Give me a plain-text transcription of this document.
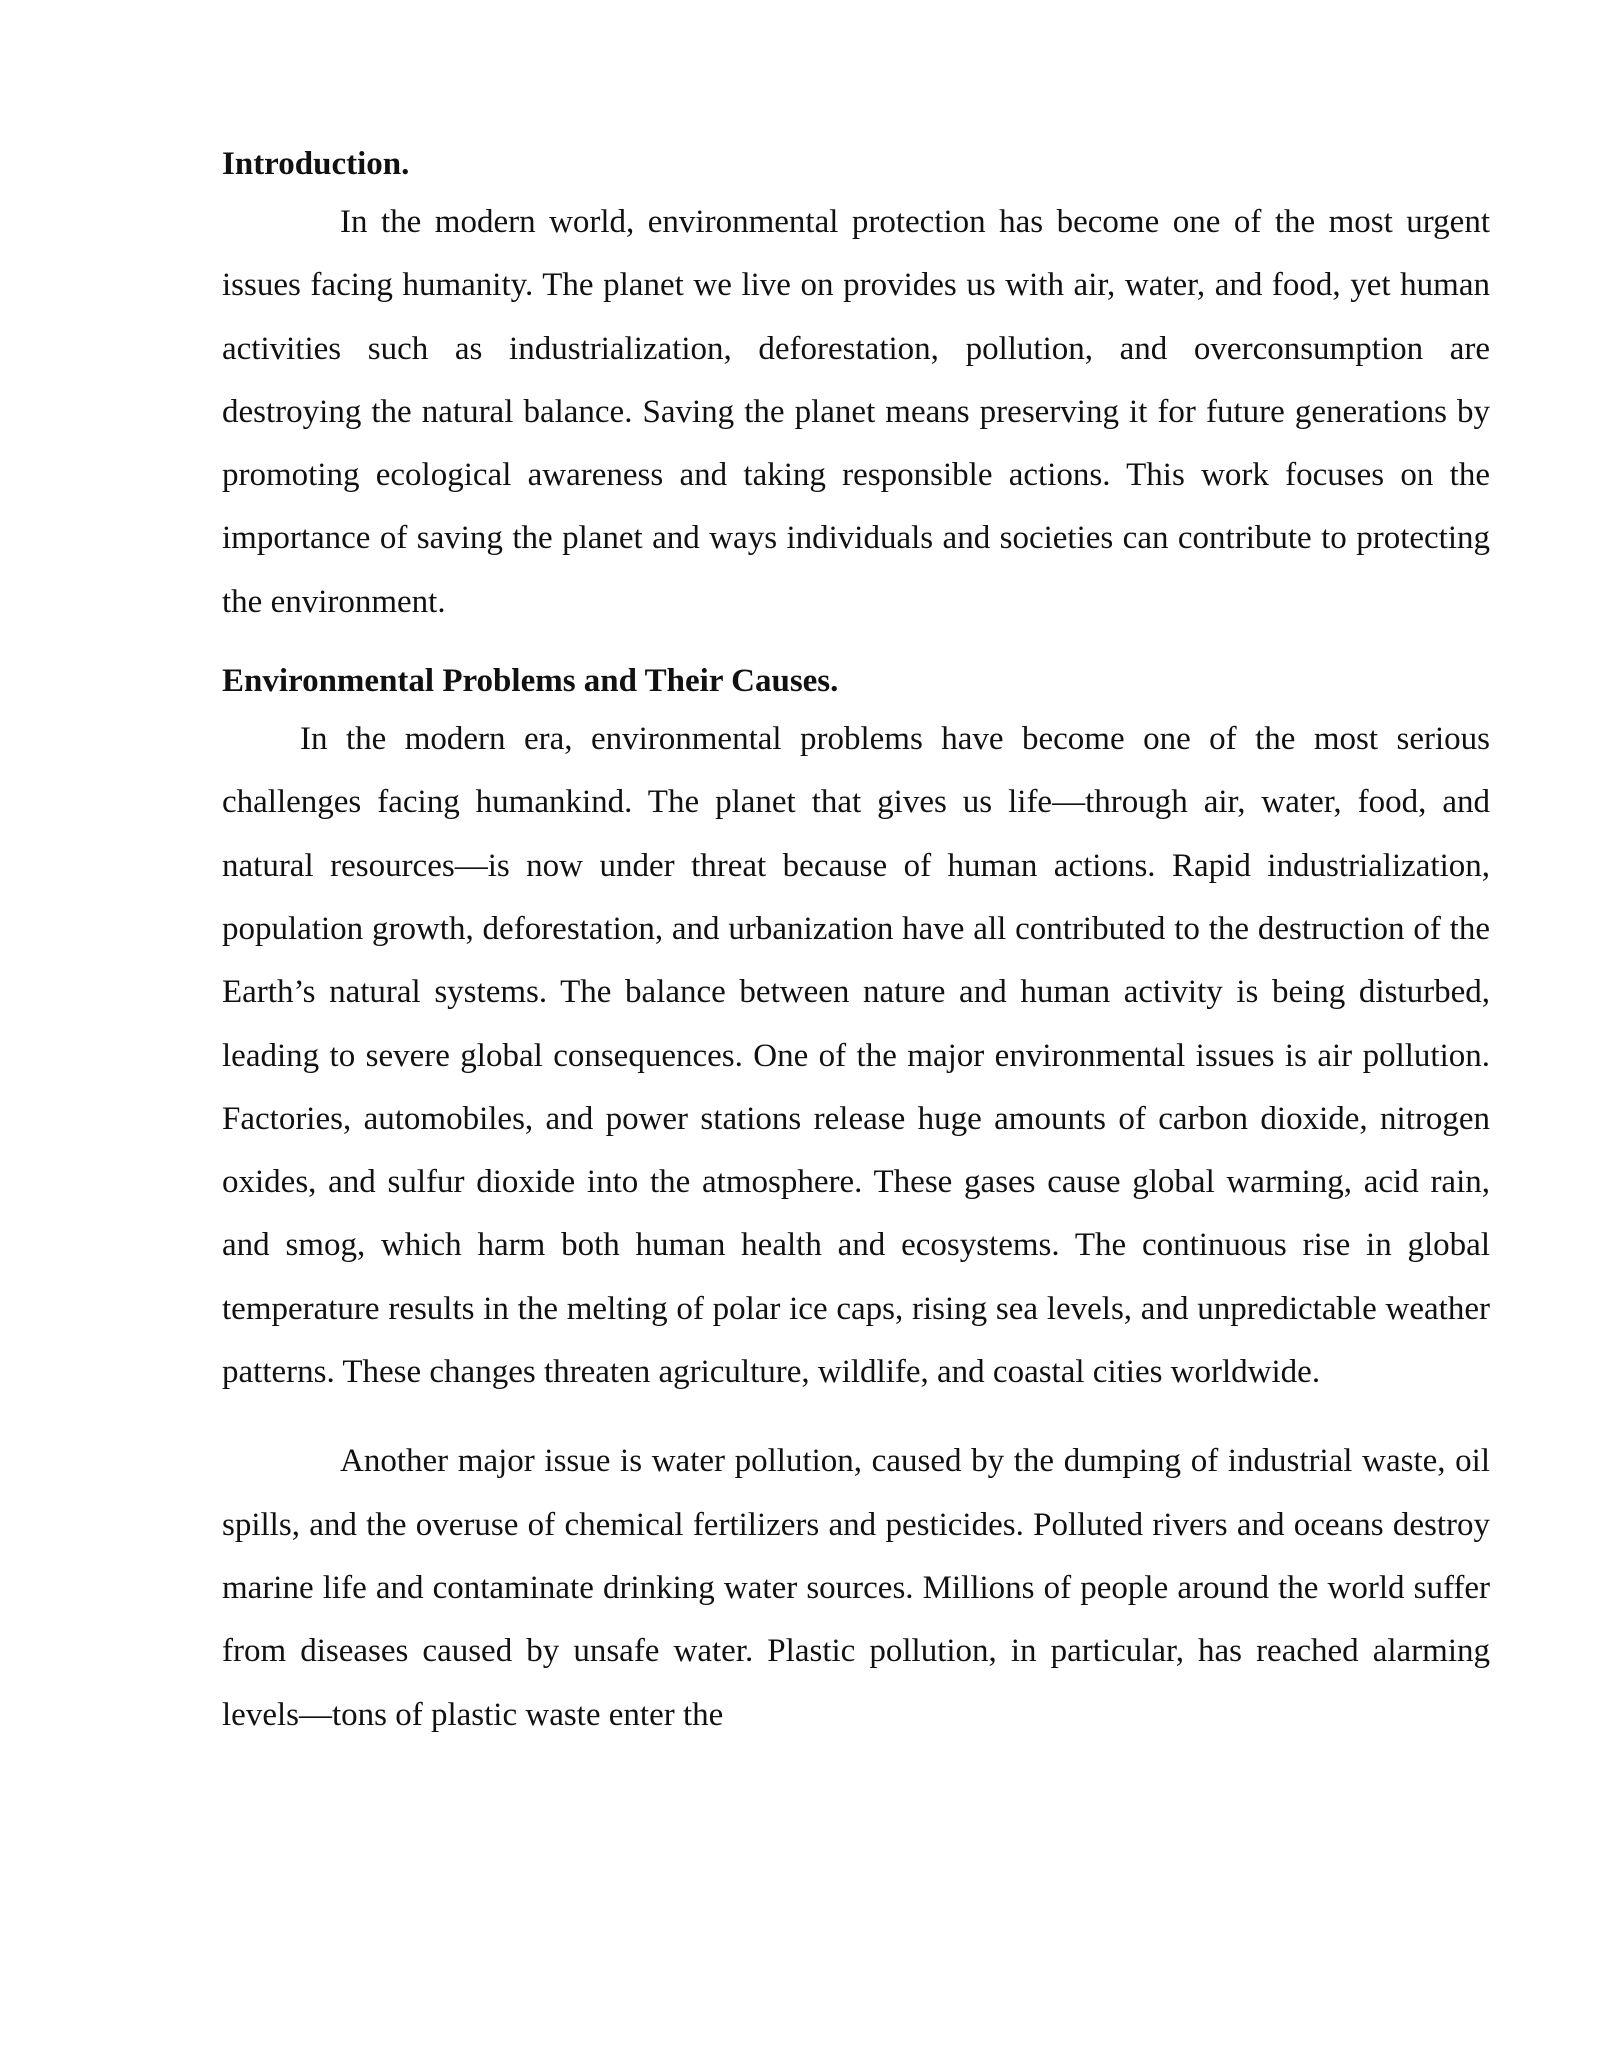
Introduction.

In the modern world, environmental protection has become one of the most urgent issues facing humanity. The planet we live on provides us with air, water, and food, yet human activities such as industrialization, deforestation, pollution, and overconsumption are destroying the natural balance. Saving the planet means preserving it for future generations by promoting ecological awareness and taking responsible actions. This work focuses on the importance of saving the planet and ways individuals and societies can contribute to protecting the environment.

Environmental Problems and Their Causes.

In the modern era, environmental problems have become one of the most serious challenges facing humankind. The planet that gives us life—through air, water, food, and natural resources—is now under threat because of human actions. Rapid industrialization, population growth, deforestation, and urbanization have all contributed to the destruction of the Earth’s natural systems. The balance between nature and human activity is being disturbed, leading to severe global consequences. One of the major environmental issues is air pollution. Factories, automobiles, and power stations release huge amounts of carbon dioxide, nitrogen oxides, and sulfur dioxide into the atmosphere. These gases cause global warming, acid rain, and smog, which harm both human health and ecosystems. The continuous rise in global temperature results in the melting of polar ice caps, rising sea levels, and unpredictable weather patterns. These changes threaten agriculture, wildlife, and coastal cities worldwide.

Another major issue is water pollution, caused by the dumping of industrial waste, oil spills, and the overuse of chemical fertilizers and pesticides. Polluted rivers and oceans destroy marine life and contaminate drinking water sources. Millions of people around the world suffer from diseases caused by unsafe water. Plastic pollution, in particular, has reached alarming levels—tons of plastic waste enter the
